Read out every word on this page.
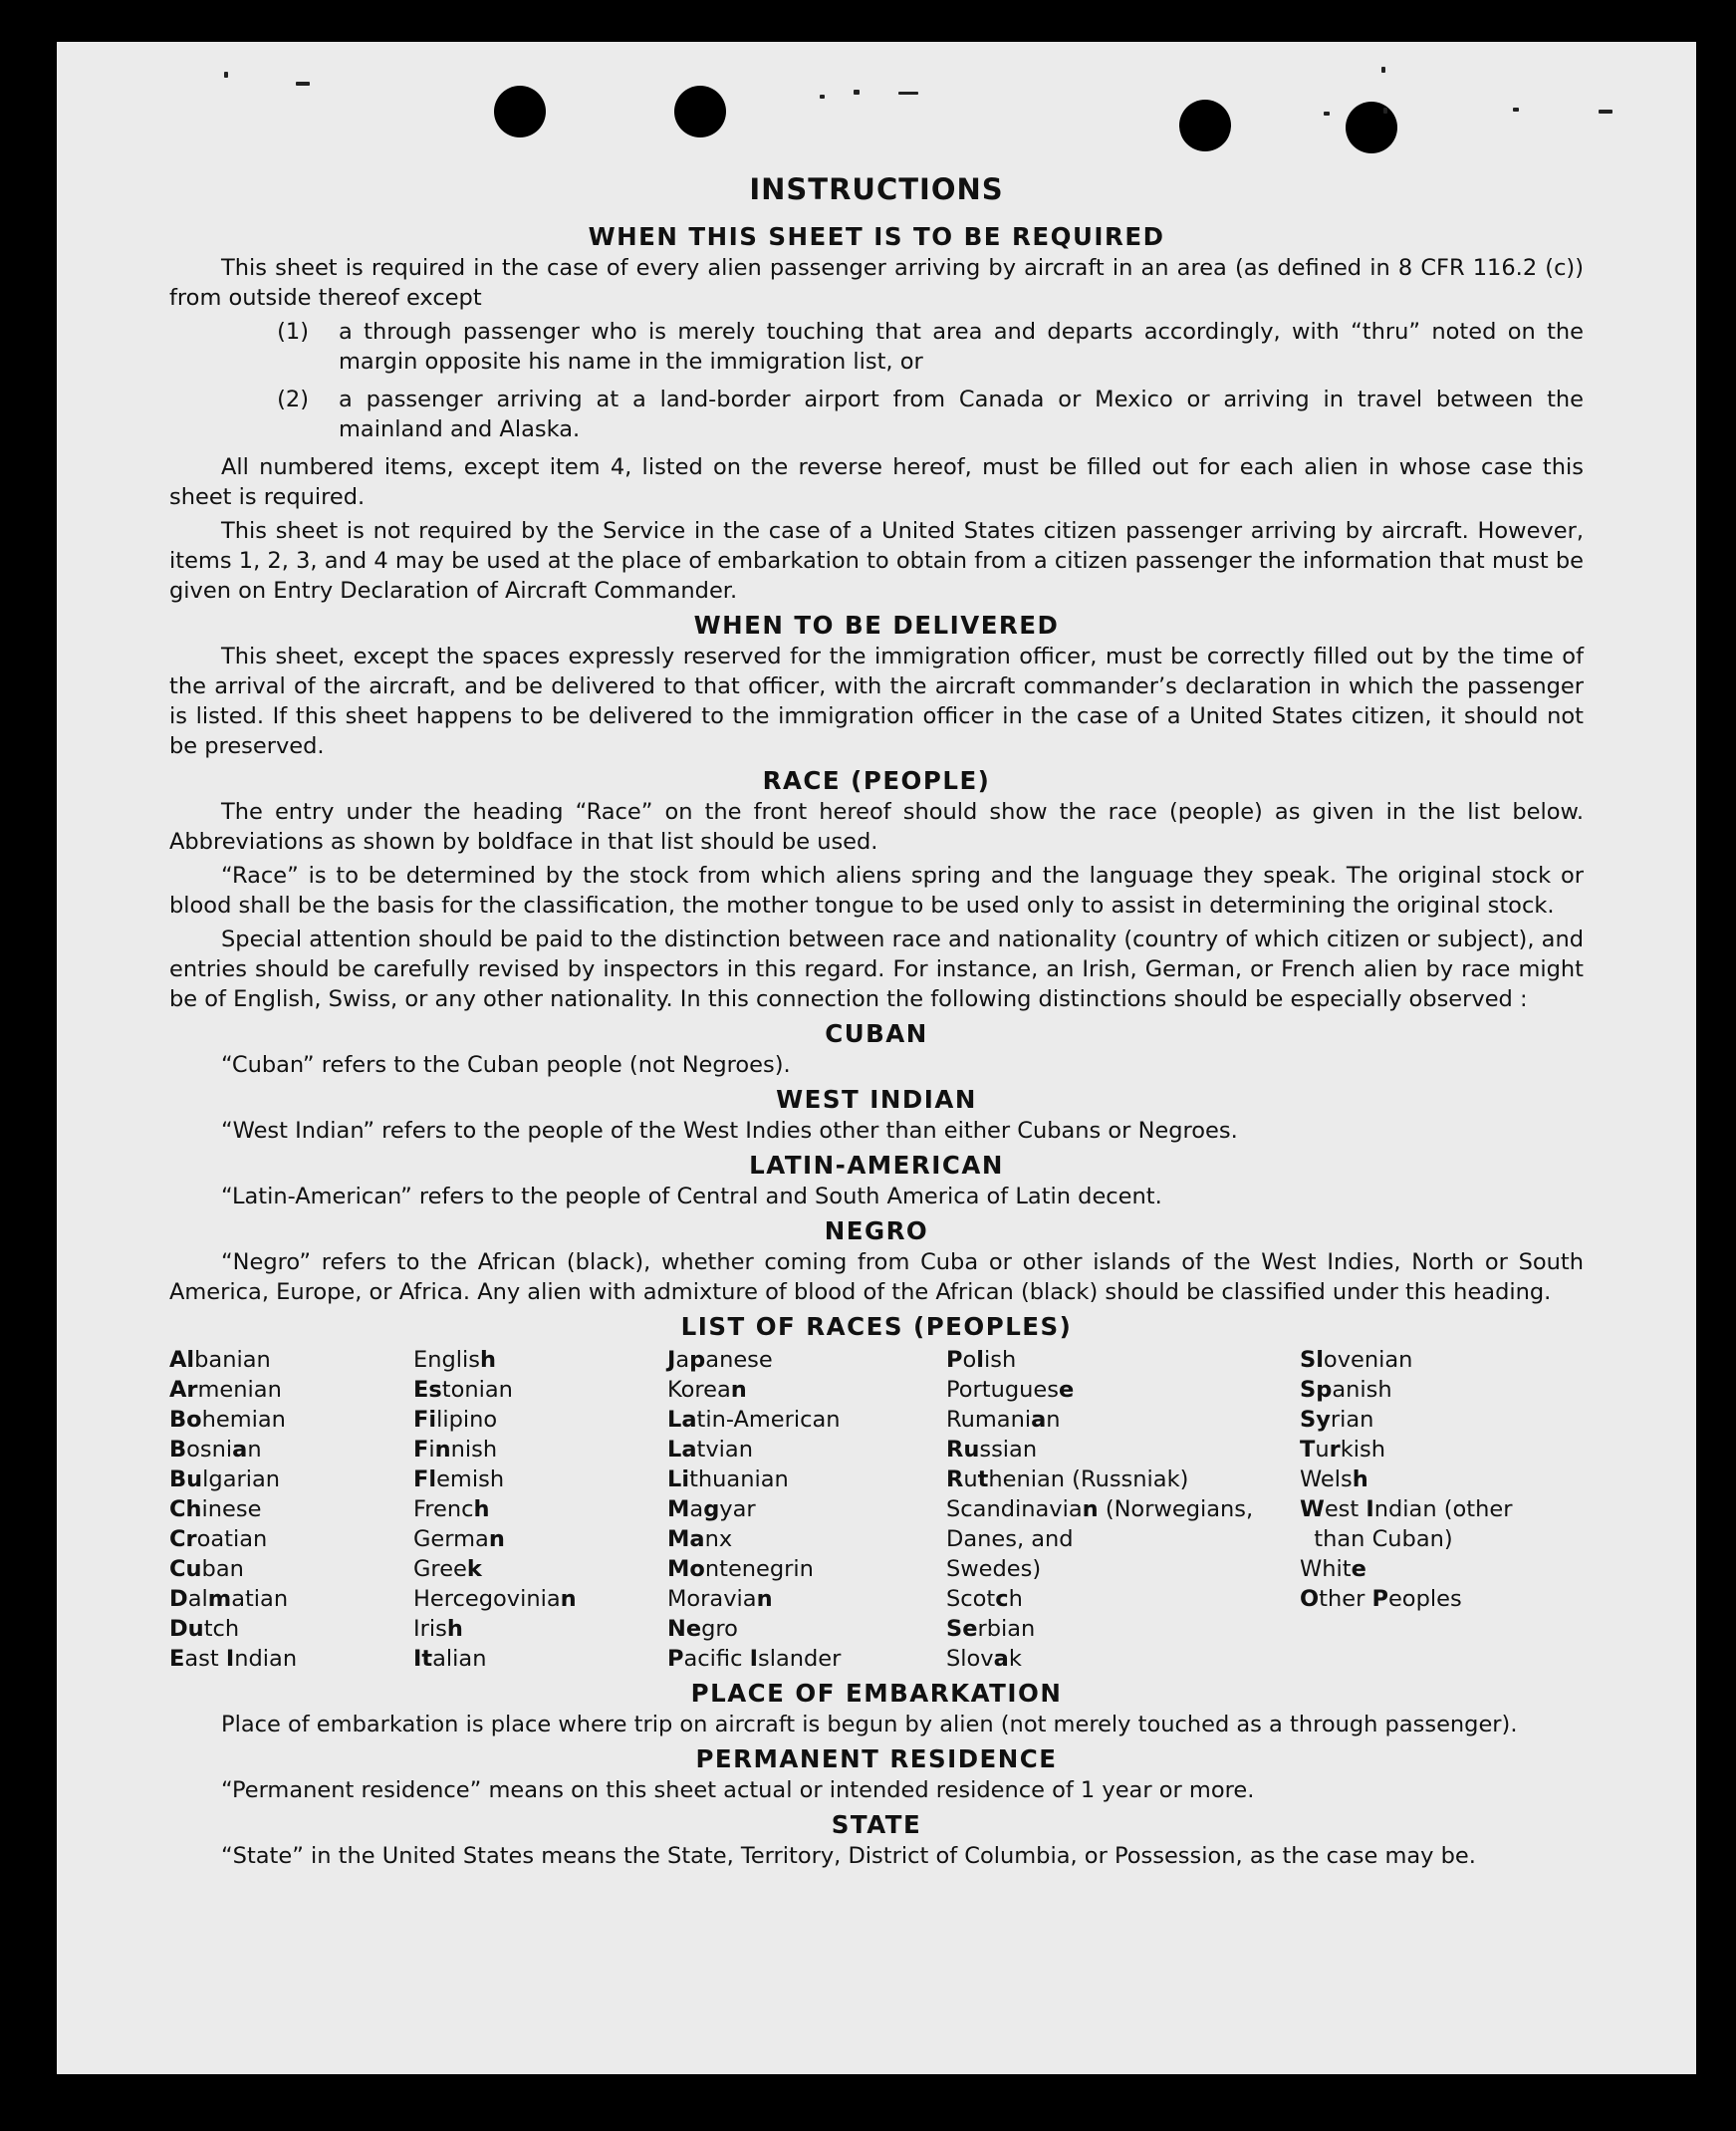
INSTRUCTIONS
WHEN THIS SHEET IS TO BE REQUIRED

This sheet is required in the case of every alien passenger arriving by aircraft in an area (as defined in 8 CFR 116.2 (c)) from outside thereof except

(1)	a through passenger who is merely touching that area and departs accordingly, with “thru” noted on the margin opposite his name in the immigration list, or
(2)	a passenger arriving at a land-border airport from Canada or Mexico or arriving in travel between the mainland and Alaska.

All numbered items, except item 4, listed on the reverse hereof, must be filled out for each alien in whose case this sheet is required.

This sheet is not required by the Service in the case of a United States citizen passenger arriving by aircraft. However, items 1, 2, 3, and 4 may be used at the place of embarkation to obtain from a citizen passenger the information that must be given on Entry Declaration of Aircraft Commander.

WHEN TO BE DELIVERED

This sheet, except the spaces expressly reserved for the immigration officer, must be correctly filled out by the time of the arrival of the aircraft, and be delivered to that officer, with the aircraft commander’s declaration in which the passenger is listed. If this sheet happens to be delivered to the immigration officer in the case of a United States citizen, it should not be preserved.

RACE (PEOPLE)

The entry under the heading “Race” on the front hereof should show the race (people) as given in the list below. Abbreviations as shown by boldface in that list should be used.

“Race” is to be determined by the stock from which aliens spring and the language they speak. The original stock or blood shall be the basis for the classification, the mother tongue to be used only to assist in determining the original stock.

Special attention should be paid to the distinction between race and nationality (country of which citizen or subject), and entries should be carefully revised by inspectors in this regard. For instance, an Irish, German, or French alien by race might be of English, Swiss, or any other nationality. In this connection the following distinctions should be especially observed :

CUBAN

“Cuban” refers to the Cuban people (not Negroes).

WEST INDIAN

“West Indian” refers to the people of the West Indies other than either Cubans or Negroes.

LATIN-AMERICAN

“Latin-American” refers to the people of Central and South America of Latin decent.

NEGRO

“Negro” refers to the African (black), whether coming from Cuba or other islands of the West Indies, North or South America, Europe, or Africa. Any alien with admixture of blood of the African (black) should be classified under this heading.

LIST OF RACES (PEOPLES)
Albanian
Armenian
Bohemian
Bosnian
Bulgarian
Chinese
Croatian
Cuban
Dalmatian
Dutch
East Indian
English
Estonian
Filipino
Finnish
Flemish
French
German
Greek
Hercegovinian
Irish
Italian
Japanese
Korean
Latin-American
Latvian
Lithuanian
Magyar
Manx
Montenegrin
Moravian
Negro
Pacific Islander
Polish
Portuguese
Rumanian
Russian
Ruthenian (Russniak)
Scandinavian (Norwegians,
Danes, and
Swedes)
Scotch
Serbian
Slovak
Slovenian
Spanish
Syrian
Turkish
Welsh
West Indian (other
than Cuban)
White
Other Peoples
PLACE OF EMBARKATION

Place of embarkation is place where trip on aircraft is begun by alien (not merely touched as a through passenger).

PERMANENT RESIDENCE

“Permanent residence” means on this sheet actual or intended residence of 1 year or more.

STATE

“State” in the United States means the State, Territory, District of Columbia, or Possession, as the case may be.
